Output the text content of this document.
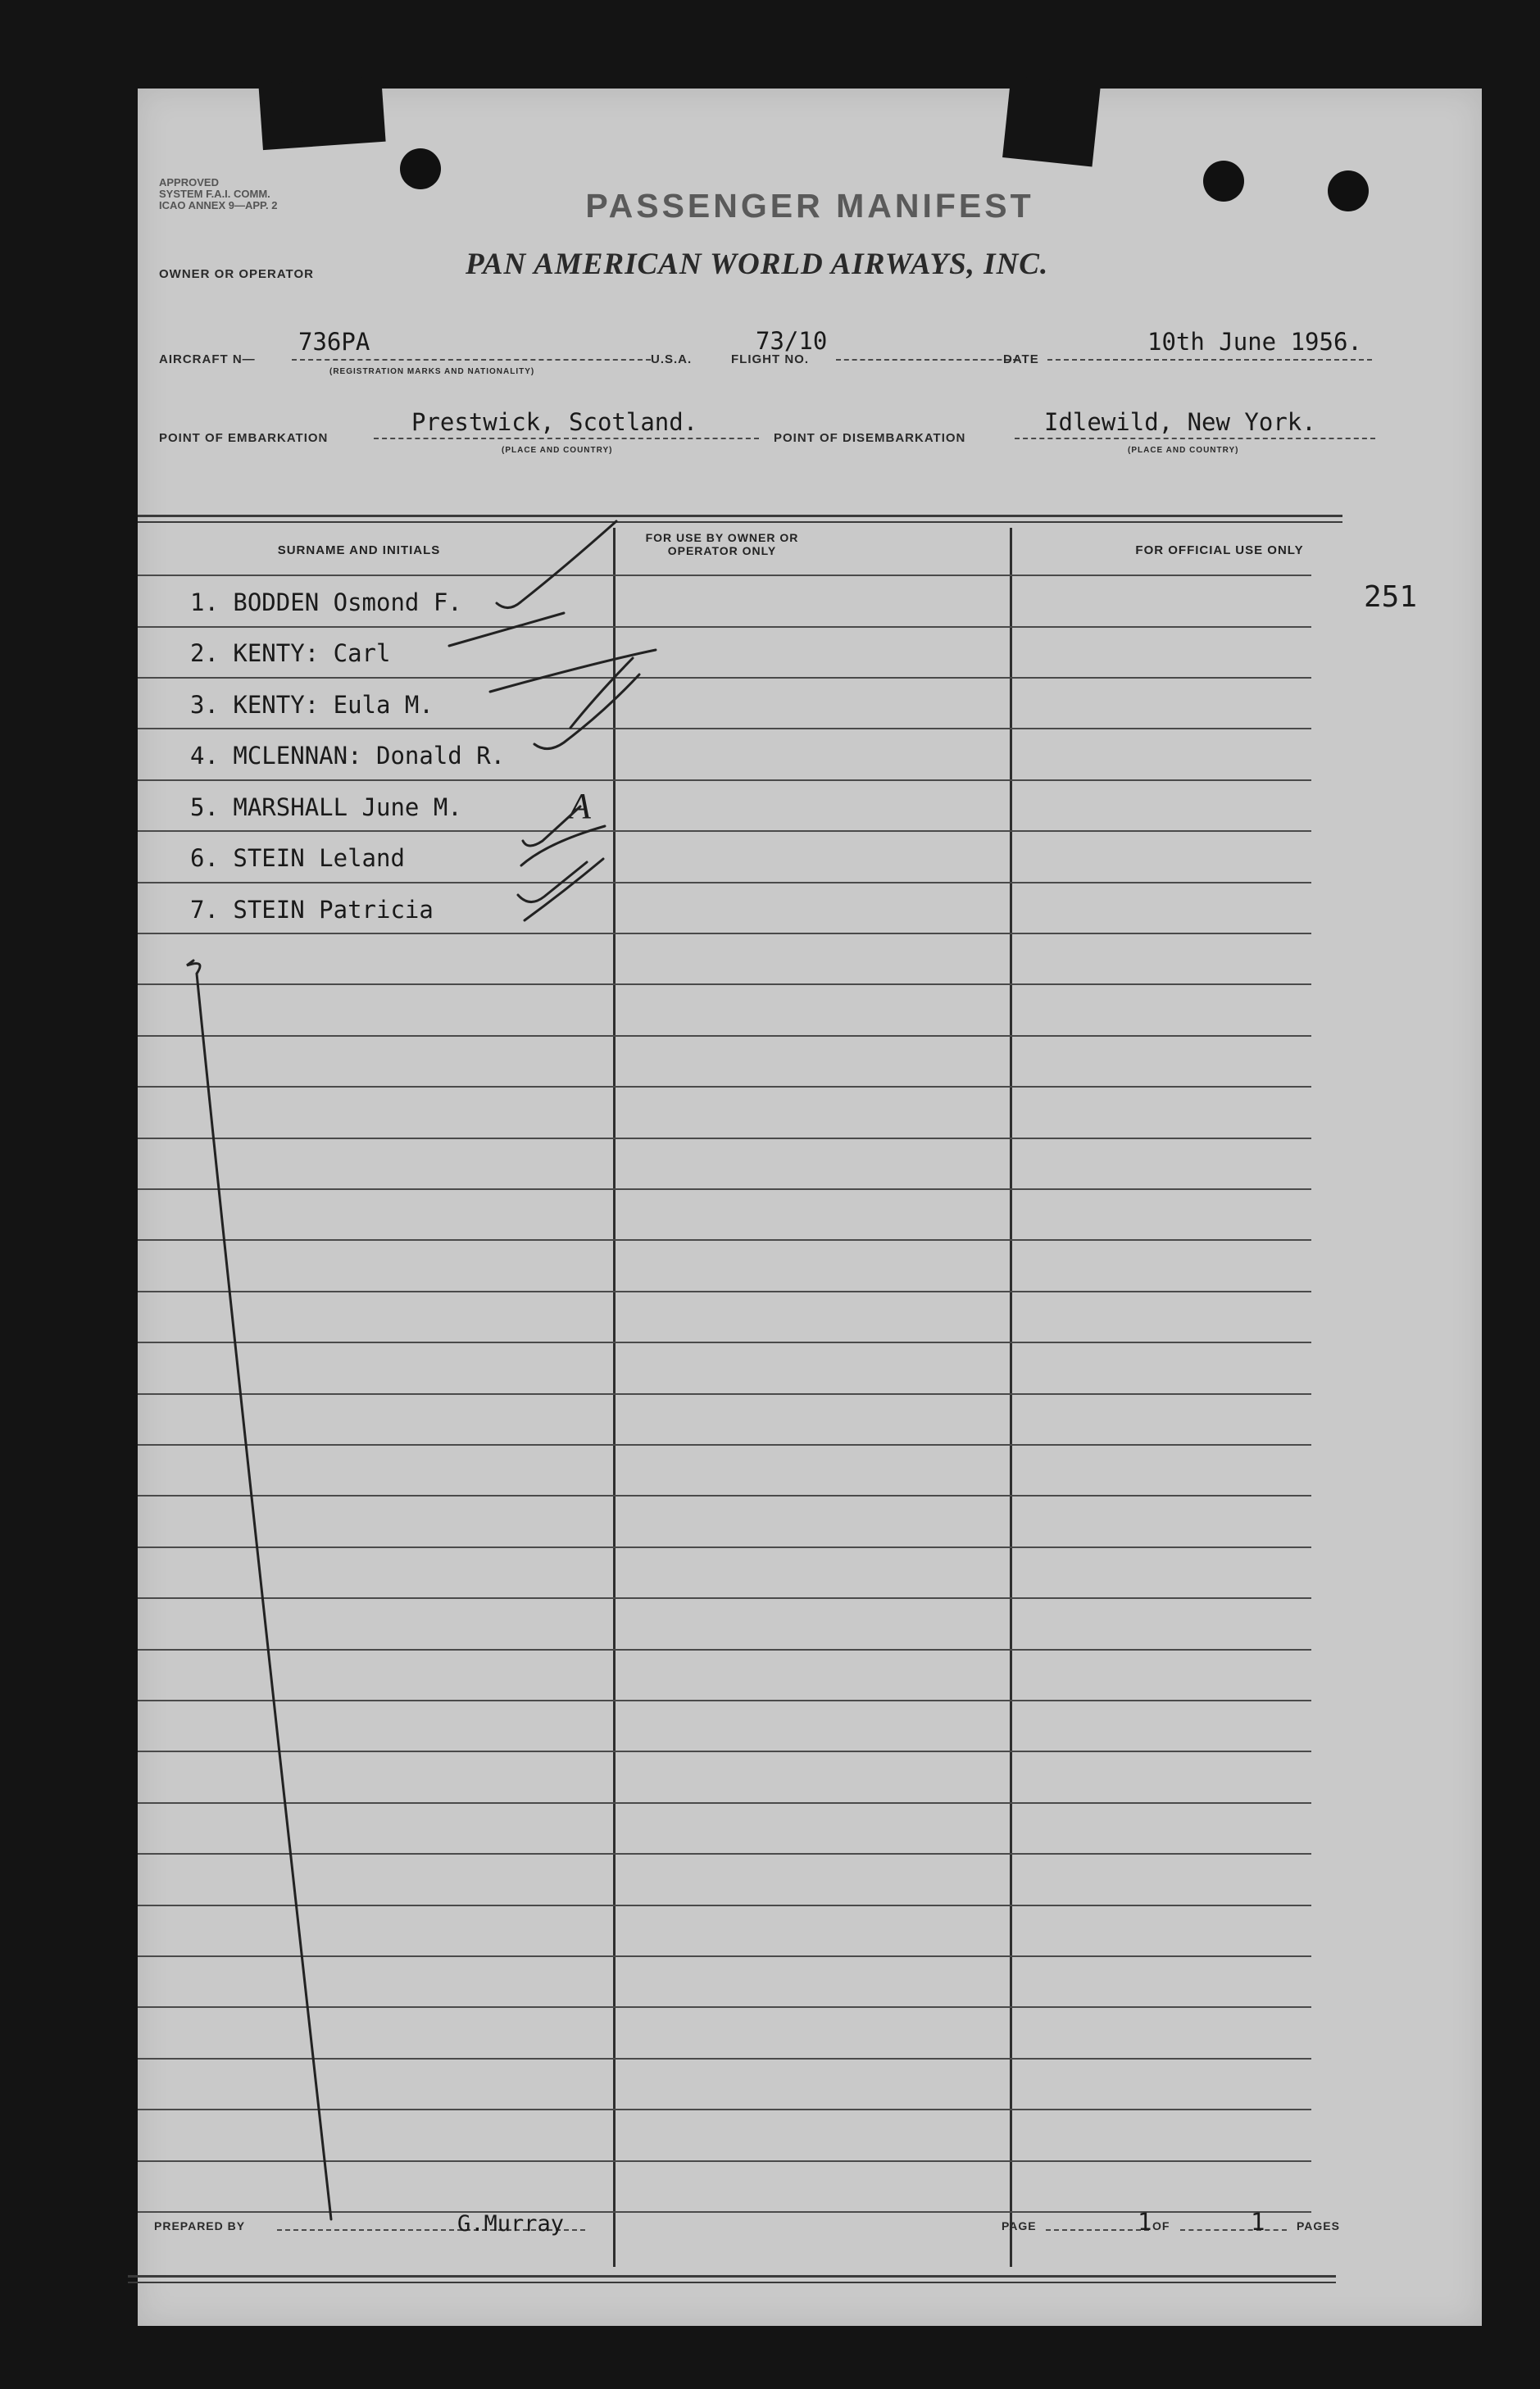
APPROVED
SYSTEM F.A.I. COMM.
ICAO ANNEX 9—APP. 2	PASSENGER MANIFEST
OWNER OR OPERATOR	PAN AMERICAN WORLD AIRWAYS, INC.
AIRCRAFT N—
736PA
(REGISTRATION MARKS AND NATIONALITY)
U.S.A.	FLIGHT NO.
73/10
DATE
10th June 1956.
POINT OF EMBARKATION
Prestwick, Scotland.
(PLACE AND COUNTRY)
POINT OF DISEMBARKATION
Idlewild, New York.
(PLACE AND COUNTRY)
SURNAME AND INITIALS
FOR USE BY OWNER OR OPERATOR ONLY	FOR OFFICIAL USE ONLY
1. BODDEN Osmond F.
2. KENTY: Carl
3. KENTY: Eula M.
4. MCLENNAN: Donald R.
5. MARSHALL June M.
6. STEIN Leland
7. STEIN Patricia
251
A
PREPARED BY	G.Murray	PAGE	1 OF	1	PAGES
